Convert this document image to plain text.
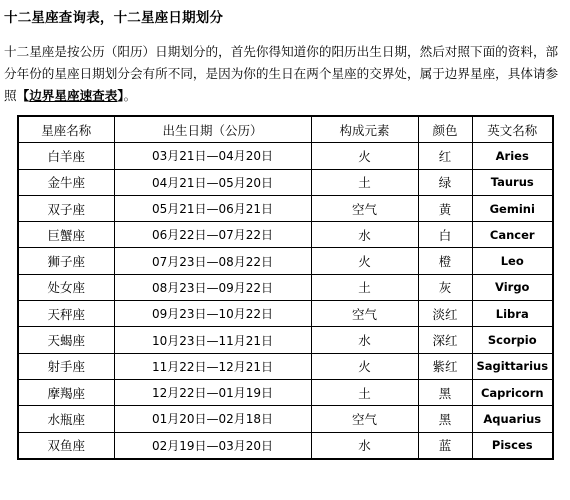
十二星座查询表，十二星座日期划分
十二星座是按公历（阳历）日期划分的，首先你得知道你的阳历出生日期，然后对照下面的资料，部分年份的星座日期划分会有所不同，是因为你的生日在两个星座的交界处，属于边界星座，具体请参照【边界星座速查表】。
星座名称	出生日期（公历）	构成元素	颜色	英文名称
白羊座	03月21日—04月20日	火	红	Aries
金牛座	04月21日—05月20日	土	绿	Taurus
双子座	05月21日—06月21日	空气	黄	Gemini
巨蟹座	06月22日—07月22日	水	白	Cancer
狮子座	07月23日—08月22日	火	橙	Leo
处女座	08月23日—09月22日	土	灰	Virgo
天秤座	09月23日—10月22日	空气	淡红	Libra
天蝎座	10月23日—11月21日	水	深红	Scorpio
射手座	11月22日—12月21日	火	紫红	Sagittarius
摩羯座	12月22日—01月19日	土	黑	Capricorn
水瓶座	01月20日—02月18日	空气	黑	Aquarius
双鱼座	02月19日—03月20日	水	蓝	Pisces
